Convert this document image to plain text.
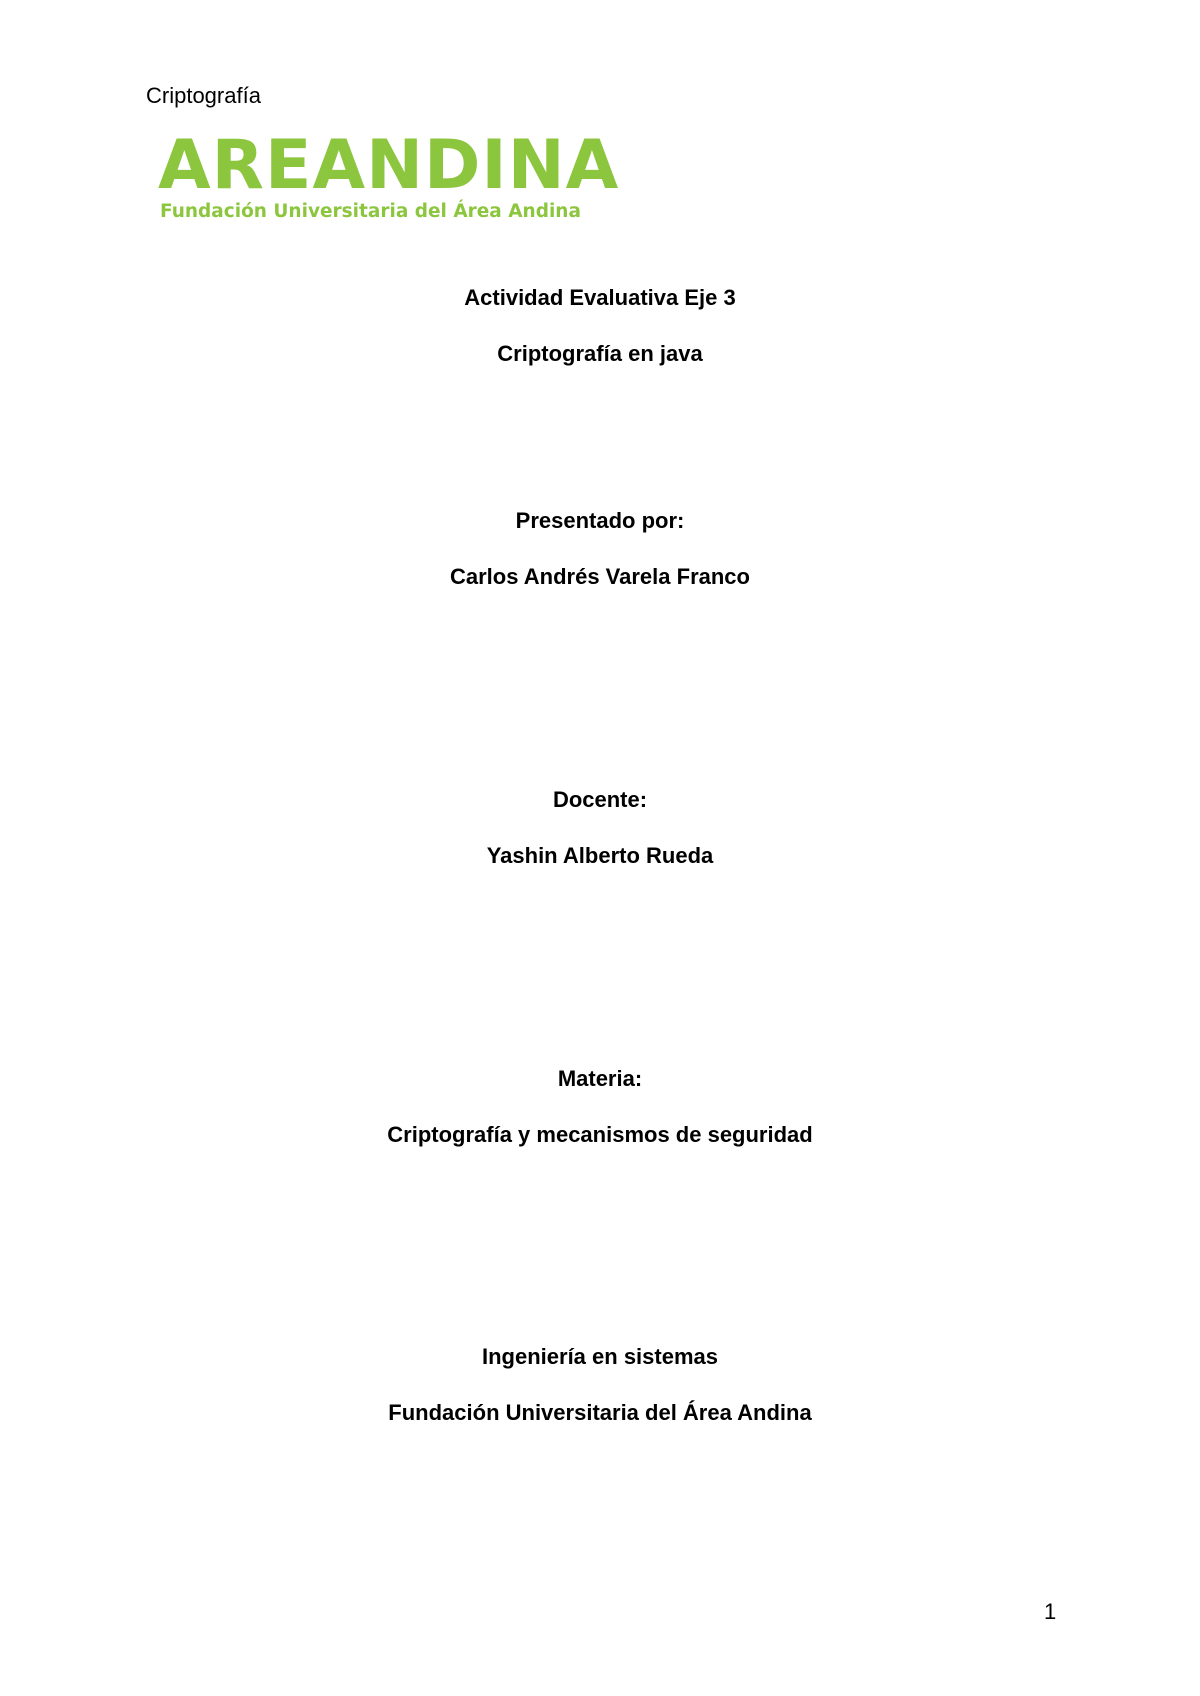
Criptografía
AREANDINA
Fundación Universitaria del Área Andina
Actividad Evaluativa Eje 3
Criptografía en java
Presentado por:
Carlos Andrés Varela Franco
Docente:
Yashin Alberto Rueda
Materia:
Criptografía y mecanismos de seguridad
Ingeniería en sistemas
Fundación Universitaria del Área Andina
1
